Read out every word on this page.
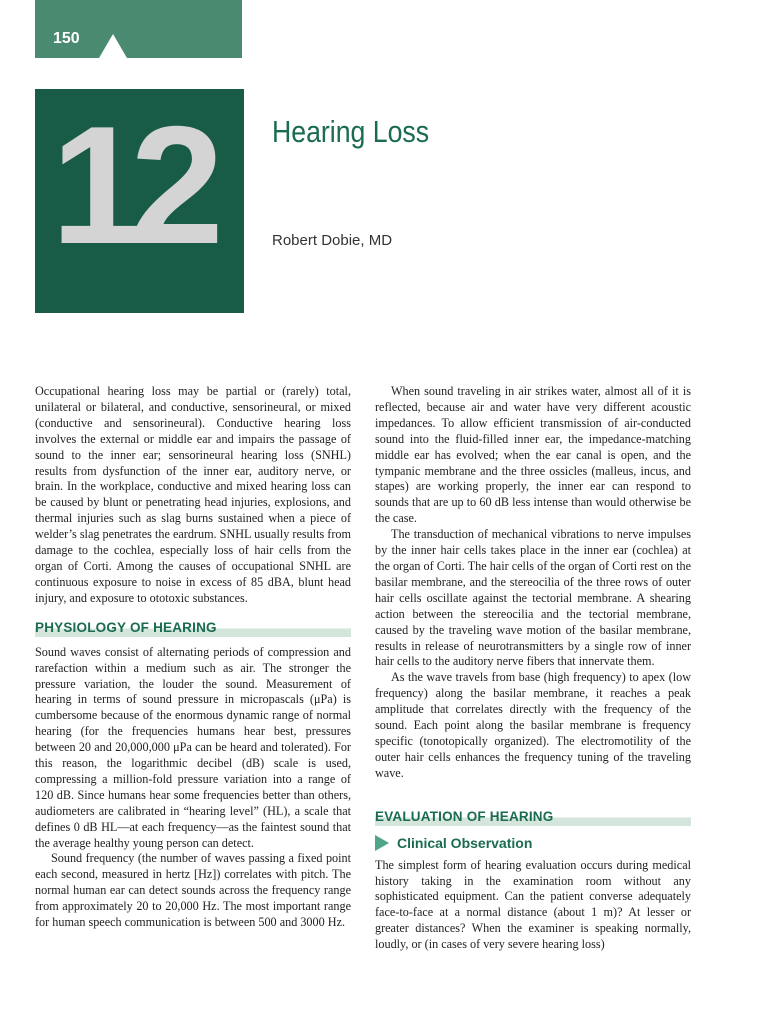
150
12 Hearing Loss
Robert Dobie, MD

Occupational hearing loss may be partial or (rarely) total, unilateral or bilateral, and conductive, sensorineural, or mixed (conductive and sensorineural). Conductive hearing loss involves the external or middle ear and impairs the passage of sound to the inner ear; sensorineural hearing loss (SNHL) results from dysfunction of the inner ear, auditory nerve, or brain. In the workplace, conductive and mixed hearing loss can be caused by blunt or penetrating head injuries, explosions, and thermal injuries such as slag burns sustained when a piece of welder’s slag penetrates the eardrum. SNHL usually results from damage to the cochlea, especially loss of hair cells from the organ of Corti. Among the causes of occupational SNHL are continuous exposure to noise in excess of 85 dBA, blunt head injury, and exposure to ototoxic substances.

PHYSIOLOGY OF HEARING

Sound waves consist of alternating periods of compression and rarefaction within a medium such as air. The stronger the pressure variation, the louder the sound. Measurement of hearing in terms of sound pressure in micropascals (μPa) is cumbersome because of the enormous dynamic range of normal hearing (for the frequencies humans hear best, pressures between 20 and 20,000,000 μPa can be heard and tolerated). For this reason, the logarithmic decibel (dB) scale is used, compressing a million-fold pressure variation into a range of 120 dB. Since humans hear some frequencies better than others, audiometers are calibrated in “hearing level” (HL), a scale that defines 0 dB HL—at each frequency—as the faintest sound that the average healthy young person can detect.

Sound frequency (the number of waves passing a fixed point each second, measured in hertz [Hz]) correlates with pitch. The normal human ear can detect sounds across the frequency range from approximately 20 to 20,000 Hz. The most important range for human speech communication is between 500 and 3000 Hz.

When sound traveling in air strikes water, almost all of it is reflected, because air and water have very different acoustic impedances. To allow efficient transmission of air-conducted sound into the fluid-filled inner ear, the impedance-matching middle ear has evolved; when the ear canal is open, and the tympanic membrane and the three ossicles (malleus, incus, and stapes) are working properly, the inner ear can respond to sounds that are up to 60 dB less intense than would otherwise be the case.

The transduction of mechanical vibrations to nerve impulses by the inner hair cells takes place in the inner ear (cochlea) at the organ of Corti. The hair cells of the organ of Corti rest on the basilar membrane, and the stereocilia of the three rows of outer hair cells oscillate against the tectorial membrane. A shearing action between the stereocilia and the tectorial membrane, caused by the traveling wave motion of the basilar membrane, results in release of neurotransmitters by a single row of inner hair cells to the auditory nerve fibers that innervate them.

As the wave travels from base (high frequency) to apex (low frequency) along the basilar membrane, it reaches a peak amplitude that correlates directly with the frequency of the sound. Each point along the basilar membrane is frequency specific (tonotopically organized). The electromotility of the outer hair cells enhances the frequency tuning of the traveling wave.

EVALUATION OF HEARING
Clinical Observation

The simplest form of hearing evaluation occurs during medical history taking in the examination room without any sophisticated equipment. Can the patient converse adequately face-to-face at a normal distance (about 1 m)? At lesser or greater distances? When the examiner is speaking normally, loudly, or (in cases of very severe hearing loss)
